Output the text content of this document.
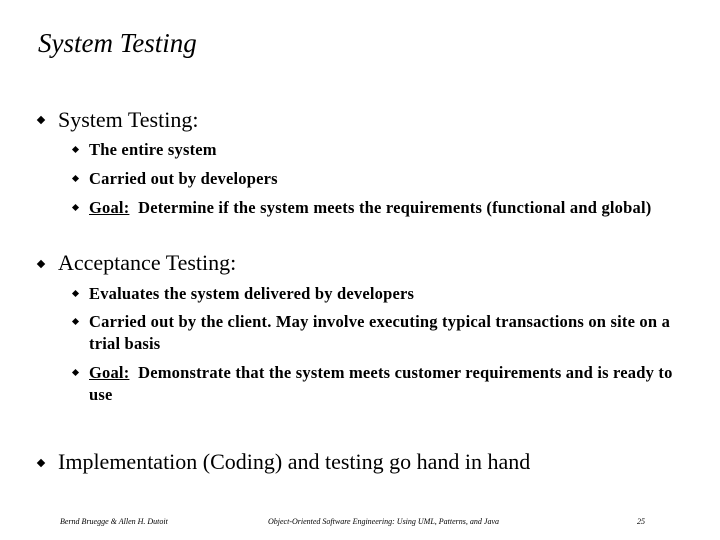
System Testing
System Testing:
The entire system
Carried out by developers
Goal: Determine if the system meets the requirements (functional and global)
Acceptance Testing:
Evaluates the system delivered by developers
Carried out by the client. May involve executing typical transactions on site on a trial basis
Goal: Demonstrate that the system meets customer requirements and is ready to use
Implementation (Coding) and testing go hand in hand
Bernd Bruegge & Allen H. Dutoit	Object-Oriented Software Engineering: Using UML, Patterns, and Java	25
